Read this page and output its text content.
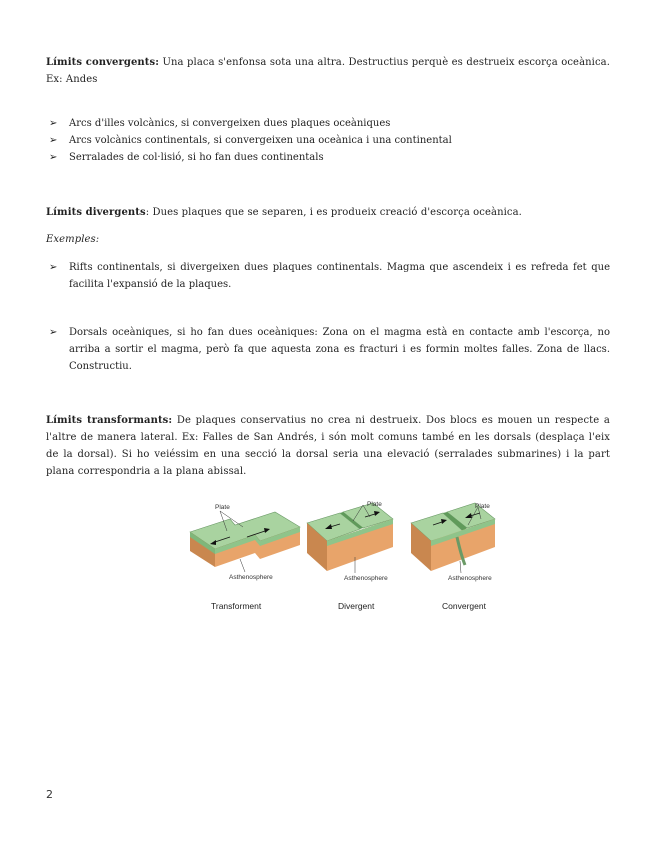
Límits convergents: Una placa s'enfonsa sota una altra. Destructius perquè es destrueix escorça oceànica. Ex: Andes

➢ Arcs d'illes volcànics, si convergeixen dues plaques oceàniques
➢ Arcs volcànics continentals, si convergeixen una oceànica i una continental
➢ Serralades de col·lisió, si ho fan dues continentals

Límits divergents: Dues plaques que se separen, i es produeix creació d'escorça oceànica.

Exemples:

➢ Rifts continentals, si divergeixen dues plaques continentals. Magma que ascendeix i es refreda fet que facilita l'expansió de la plaques.
➢ Dorsals oceàniques, si ho fan dues oceàniques: Zona on el magma està en contacte amb l'escorça, no arriba a sortir el magma, però fa que aquesta zona es fracturi i es formin moltes falles. Zona de llacs. Constructiu.

Límits transformants: De plaques conservatius no crea ni destrueix. Dos blocs es mouen un respecte a l'altre de manera lateral. Ex: Falles de San Andrés, i són molt comuns també en les dorsals (desplaça l'eix de la dorsal). Si ho veiéssim en una secció la dorsal seria una elevació (serralades submarines) i la part plana correspondria a la plana abissal.

Plate
Asthenosphere
Plate
Asthenosphere
Plate
Asthenosphere
Transforment	Divergent	Convergent
2
